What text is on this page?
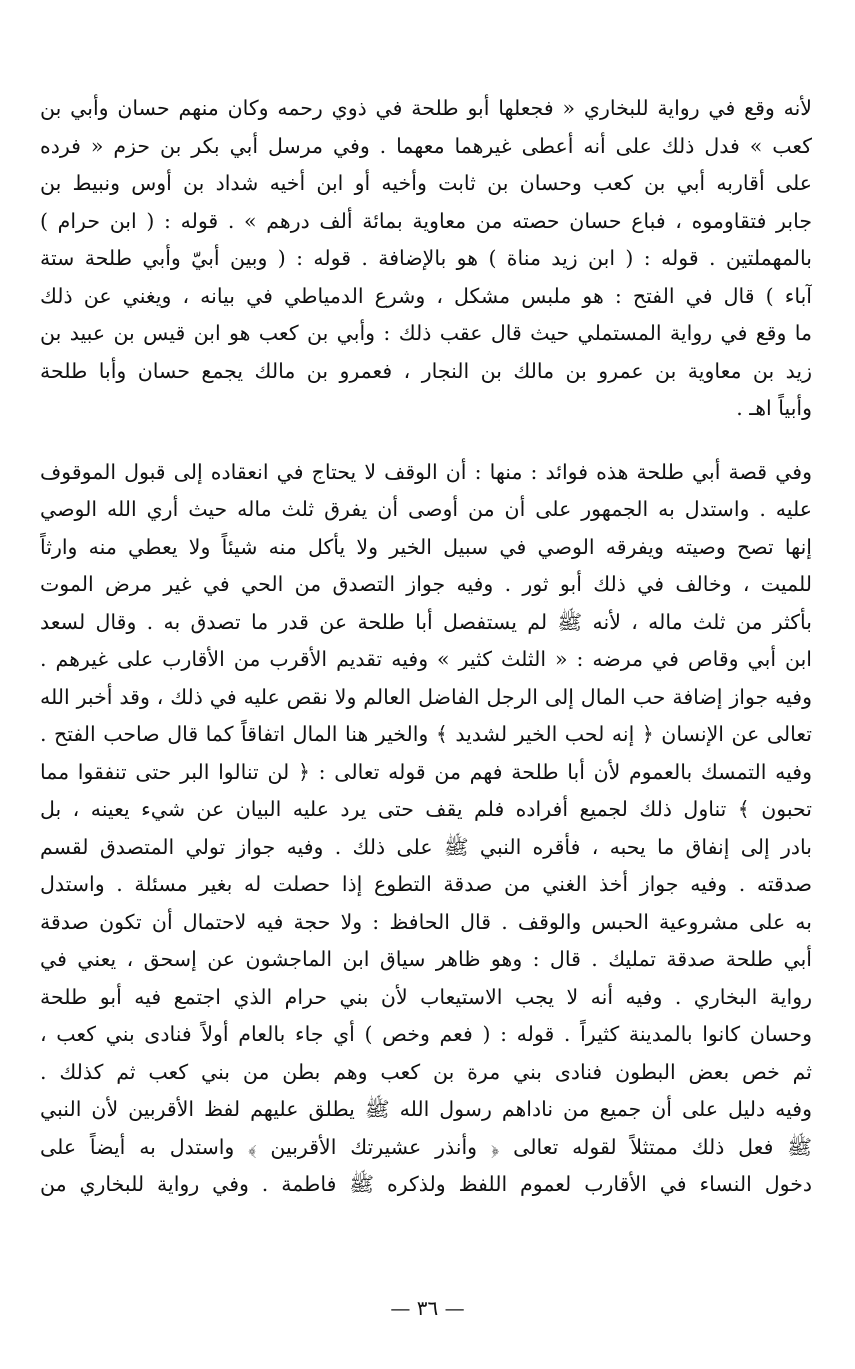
لأنه وقع في رواية للبخاري « فجعلها أبو طلحة في ذوي رحمه وكان منهم حسان وأبي بن
كعب » فدل ذلك على أنه أعطى غيرهما معهما . وفي مرسل أبي بكر بن حزم « فرده
على أقاربه أبي بن كعب وحسان بن ثابت وأخيه أو ابن أخيه شداد بن أوس ونبيط بن
جابر فتقاوموه ، فباع حسان حصته من معاوية بمائة ألف درهم » . قوله : ( ابن حرام )
بالمهملتين . قوله : ( ابن زيد مناة ) هو بالإضافة . قوله : ( وبين أبيّ وأبي طلحة ستة
آباء ) قال في الفتح : هو ملبس مشكل ، وشرع الدمياطي في بيانه ، ويغني عن ذلك
ما وقع في رواية المستملي حيث قال عقب ذلك : وأبي بن كعب هو ابن قيس بن عبيد بن
زيد بن معاوية بن عمرو بن مالك بن النجار ، فعمرو بن مالك يجمع حسان وأبا طلحة
وأبياً اهـ .
وفي قصة أبي طلحة هذه فوائد : منها : أن الوقف لا يحتاج في انعقاده إلى قبول الموقوف
عليه . واستدل به الجمهور على أن من أوصى أن يفرق ثلث ماله حيث أري الله الوصي
إنها تصح وصيته ويفرقه الوصي في سبيل الخير ولا يأكل منه شيئاً ولا يعطي منه وارثاً
للميت ، وخالف في ذلك أبو ثور . وفيه جواز التصدق من الحي في غير مرض الموت
بأكثر من ثلث ماله ، لأنه ﷺ لم يستفصل أبا طلحة عن قدر ما تصدق به . وقال لسعد
ابن أبي وقاص في مرضه : « الثلث كثير » وفيه تقديم الأقرب من الأقارب على غيرهم .
وفيه جواز إضافة حب المال إلى الرجل الفاضل العالم ولا نقص عليه في ذلك ، وقد أخبر الله
تعالى عن الإنسان ﴿ إنه لحب الخير لشديد ﴾ والخير هنا المال اتفاقاً كما قال صاحب الفتح .
وفيه التمسك بالعموم لأن أبا طلحة فهم من قوله تعالى : ﴿ لن تنالوا البر حتى تنفقوا مما
تحبون ﴾ تناول ذلك لجميع أفراده فلم يقف حتى يرد عليه البيان عن شيء يعينه ، بل
بادر إلى إنفاق ما يحبه ، فأقره النبي ﷺ على ذلك . وفيه جواز تولي المتصدق لقسم
صدقته . وفيه جواز أخذ الغني من صدقة التطوع إذا حصلت له بغير مسئلة . واستدل
به على مشروعية الحبس والوقف . قال الحافظ : ولا حجة فيه لاحتمال أن تكون صدقة
أبي طلحة صدقة تمليك . قال : وهو ظاهر سياق ابن الماجشون عن إسحق ، يعني في
رواية البخاري . وفيه أنه لا يجب الاستيعاب لأن بني حرام الذي اجتمع فيه أبو طلحة
وحسان كانوا بالمدينة كثيراً . قوله : ( فعم وخص ) أي جاء بالعام أولاً فنادى بني كعب ،
ثم خص بعض البطون فنادى بني مرة بن كعب وهم بطن من بني كعب ثم كذلك .
وفيه دليل على أن جميع من ناداهم رسول الله ﷺ يطلق عليهم لفظ الأقربين لأن النبي
ﷺ فعل ذلك ممتثلاً لقوله تعالى ﴿ وأنذر عشيرتك الأقربين ﴾ واستدل به أيضاً على
دخول النساء في الأقارب لعموم اللفظ ولذكره ﷺ فاطمة . وفي رواية للبخاري من
— ٣٦ —
